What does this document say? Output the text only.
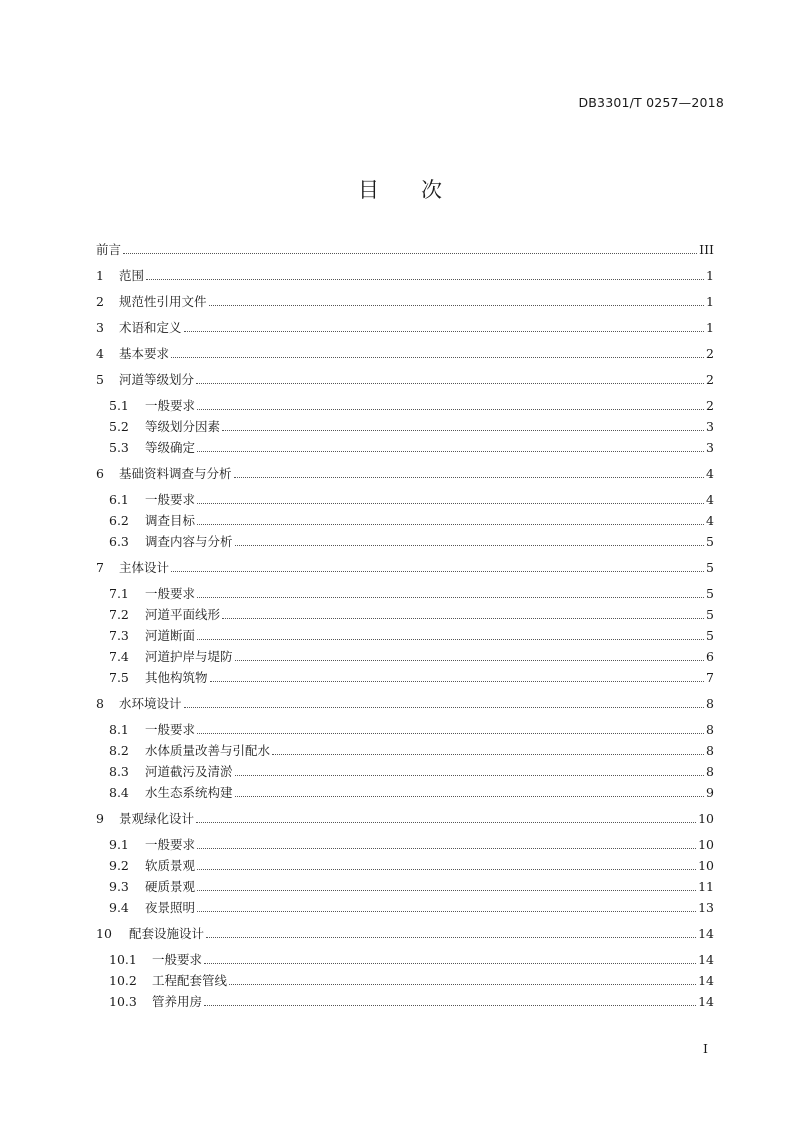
DB3301/T 0257—2018
目 次
前言	III
1	范围	1
2	规范性引用文件	1
3	术语和定义	1
4	基本要求	2
5	河道等级划分	2
5.1	一般要求	2
5.2	等级划分因素	3
5.3	等级确定	3
6	基础资料调查与分析	4
6.1	一般要求	4
6.2	调查目标	4
6.3	调查内容与分析	5
7	主体设计	5
7.1	一般要求	5
7.2	河道平面线形	5
7.3	河道断面	5
7.4	河道护岸与堤防	6
7.5	其他构筑物	7
8	水环境设计	8
8.1	一般要求	8
8.2	水体质量改善与引配水	8
8.3	河道截污及清淤	8
8.4	水生态系统构建	9
9	景观绿化设计	10
9.1	一般要求	10
9.2	软质景观	10
9.3	硬质景观	11
9.4	夜景照明	13
10	配套设施设计	14
10.1	一般要求	14
10.2	工程配套管线	14
10.3	管养用房	14
I
